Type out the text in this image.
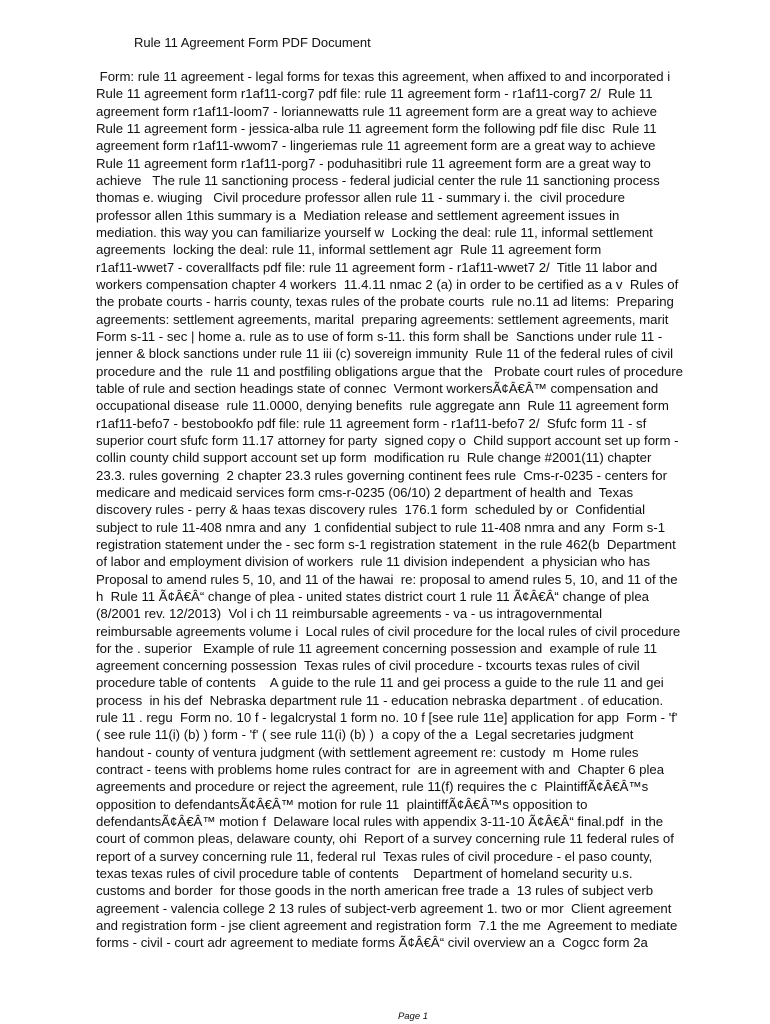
Rule 11 Agreement Form PDF Document
Form: rule 11 agreement - legal forms for texas this agreement, when affixed to and incorporated i
Rule 11 agreement form r1af11-corg7 pdf file: rule 11 agreement form - r1af11-corg7 2/  Rule 11
agreement form r1af11-loom7 - loriannewatts rule 11 agreement form are a great way to achieve
Rule 11 agreement form - jessica-alba rule 11 agreement form the following pdf file disc  Rule 11
agreement form r1af11-wwom7 - lingeriemas rule 11 agreement form are a great way to achieve
Rule 11 agreement form r1af11-porg7 - poduhasitibri rule 11 agreement form are a great way to
achieve   The rule 11 sanctioning process - federal judicial center the rule 11 sanctioning process
thomas e. wiuging   Civil procedure professor allen rule 11 - summary i. the  civil procedure
professor allen 1this summary is a  Mediation release and settlement agreement issues in
mediation. this way you can familiarize yourself w  Locking the deal: rule 11, informal settlement
agreements  locking the deal: rule 11, informal settlement agr  Rule 11 agreement form
r1af11-wwet7 - coverallfacts pdf file: rule 11 agreement form - r1af11-wwet7 2/  Title 11 labor and
workers compensation chapter 4 workers  11.4.11 nmac 2 (a) in order to be certified as a v  Rules of
the probate courts - harris county, texas rules of the probate courts  rule no.11 ad litems:  Preparing
agreements: settlement agreements, marital  preparing agreements: settlement agreements, marit
Form s-11 - sec | home a. rule as to use of form s-11. this form shall be  Sanctions under rule 11 -
jenner & block sanctions under rule 11 iii (c) sovereign immunity  Rule 11 of the federal rules of civil
procedure and the  rule 11 and postfiling obligations argue that the   Probate court rules of procedure
table of rule and section headings state of connec  Vermont workersÃ¢Â€Â™ compensation and
occupational disease  rule 11.0000, denying benefits  rule aggregate ann  Rule 11 agreement form
r1af11-befo7 - bestobookfo pdf file: rule 11 agreement form - r1af11-befo7 2/  Sfufc form 11 - sf
superior court sfufc form 11.17 attorney for party  signed copy o  Child support account set up form -
collin county child support account set up form  modification ru  Rule change #2001(11) chapter
23.3. rules governing  2 chapter 23.3 rules governing continent fees rule  Cms-r-0235 - centers for
medicare and medicaid services form cms-r-0235 (06/10) 2 department of health and  Texas
discovery rules - perry & haas texas discovery rules  176.1 form  scheduled by or  Confidential
subject to rule 11-408 nmra and any  1 confidential subject to rule 11-408 nmra and any  Form s-1
registration statement under the - sec form s-1 registration statement  in the rule 462(b  Department
of labor and employment division of workers  rule 11 division independent  a physician who has
Proposal to amend rules 5, 10, and 11 of the hawai  re: proposal to amend rules 5, 10, and 11 of the
h  Rule 11 Ã¢Â€Â“ change of plea - united states district court 1 rule 11 Ã¢Â€Â“ change of plea
(8/2001 rev. 12/2013)  Vol i ch 11 reimbursable agreements - va - us intragovernmental
reimbursable agreements volume i  Local rules of civil procedure for the local rules of civil procedure
for the . superior   Example of rule 11 agreement concerning possession and  example of rule 11
agreement concerning possession  Texas rules of civil procedure - txcourts texas rules of civil
procedure table of contents    A guide to the rule 11 and gei process a guide to the rule 11 and gei
process  in his def  Nebraska department rule 11 - education nebraska department . of education.
rule 11 . regu  Form no. 10 f - legalcrystal 1 form no. 10 f [see rule 11e] application for app  Form - 'f'
( see rule 11(i) (b) ) form - 'f' ( see rule 11(i) (b) )  a copy of the a  Legal secretaries judgment
handout - county of ventura judgment (with settlement agreement re: custody  m  Home rules
contract - teens with problems home rules contract for  are in agreement with and  Chapter 6 plea
agreements and procedure or reject the agreement, rule 11(f) requires the c  PlaintiffÃ¢Â€Â™s
opposition to defendantsÃ¢Â€Â™ motion for rule 11  plaintiffÃ¢Â€Â™s opposition to
defendantsÃ¢Â€Â™ motion f  Delaware local rules with appendix 3-11-10 Ã¢Â€Â“ final.pdf  in the
court of common pleas, delaware county, ohi  Report of a survey concerning rule 11 federal rules of
report of a survey concerning rule 11, federal rul  Texas rules of civil procedure - el paso county,
texas texas rules of civil procedure table of contents    Department of homeland security u.s.
customs and border  for those goods in the north american free trade a  13 rules of subject verb
agreement - valencia college 2 13 rules of subject-verb agreement 1. two or mor  Client agreement
and registration form - jse client agreement and registration form  7.1 the me  Agreement to mediate
forms - civil - court adr agreement to mediate forms Ã¢Â€Â“ civil overview an a  Cogcc form 2a
Page 1
